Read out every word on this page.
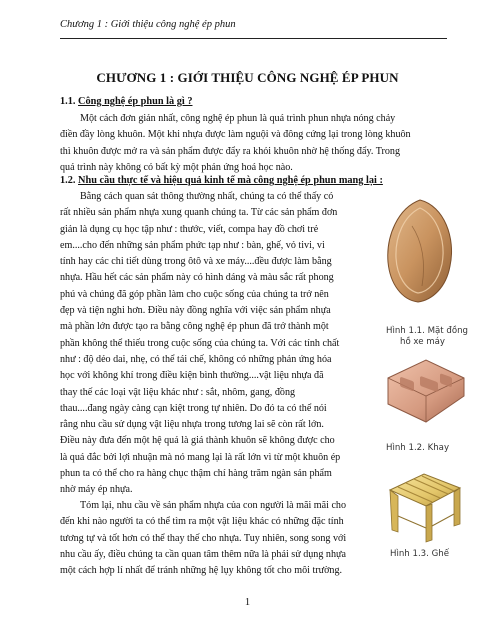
Chương 1 : Giới thiệu công nghệ ép phun
CHƯƠNG 1 : GIỚI THIỆU CÔNG NGHỆ ÉP PHUN
1.1. Công nghệ ép phun là gì ?
Một cách đơn giản nhất, công nghệ ép phun là quá trình phun nhựa nóng chảy
điền đầy lòng khuôn. Một khi nhựa được làm nguội và đông cứng lại trong lòng khuôn
thì khuôn được mở ra và sản phẩm được đẩy ra khỏi khuôn nhờ hệ thống đẩy. Trong
quá trình này không có bất kỳ một phản ứng hoá học nào.
1.2. Nhu cầu thực tế và hiệu quả kinh tế mà công nghệ ép phun mang lại :
Bằng cách quan sát thông thường nhất, chúng ta có thể thấy có
rất nhiều sản phẩm nhựa xung quanh chúng ta. Từ các sản phẩm đơn
giản là dụng cụ học tập như : thước, viết, compa hay đồ chơi trẻ
em....cho đến những sản phẩm phức tạp như : bàn, ghế, vỏ tivi, vi
tính hay các chi tiết dùng trong ôtô và xe máy....đều được làm bằng
nhựa. Hầu hết các sản phẩm này có hình dáng và màu sắc rất phong
phú và chúng đã góp phần làm cho cuộc sống của chúng ta trở nên
đẹp và tiện nghi hơn. Điều này đồng nghĩa với việc sản phẩm nhựa
mà phần lớn được tạo ra bằng công nghệ ép phun đã trở thành một
phần không thể thiếu trong cuộc sống của chúng ta. Với các tính chất
như : độ dẻo dai, nhẹ, có thể tái chế, không có những phản ứng hóa
học với không khí trong điều kiện bình thường....vật liệu nhựa đã
thay thế các loại vật liệu khác như : sắt, nhôm, gang, đồng
thau....đang ngày càng cạn kiệt trong tự nhiên. Do đó ta có thể nói
rằng nhu cầu sử dụng vật liệu nhựa trong tương lai sẽ còn rất lớn.
Điều này đưa đến một hệ quả là giá thành khuôn sẽ không được cho
là quá đắc bởi lợi nhuận mà nó mang lại là rất lớn vì từ một khuôn ép
phun ta có thể cho ra hàng chục thậm chí hàng trăm ngàn sản phẩm
nhờ máy ép nhựa.
Tóm lại, nhu cầu về sản phẩm nhựa của con người là mãi mãi cho
đến khi nào người ta có thể tìm ra một vật liệu khác có những đặc tính
tương tự và tốt hơn có thể thay thế cho nhựa. Tuy nhiên, song song với
nhu cầu ấy, điều chúng ta cần quan tâm thêm nữa là phải sử dụng nhựa
một cách hợp lí nhất để tránh những hệ lụy không tốt cho môi trường.
Hình 1.1. Mặt đồng
hồ xe máy
Hình 1.2. Khay
Hình 1.3. Ghế
1
